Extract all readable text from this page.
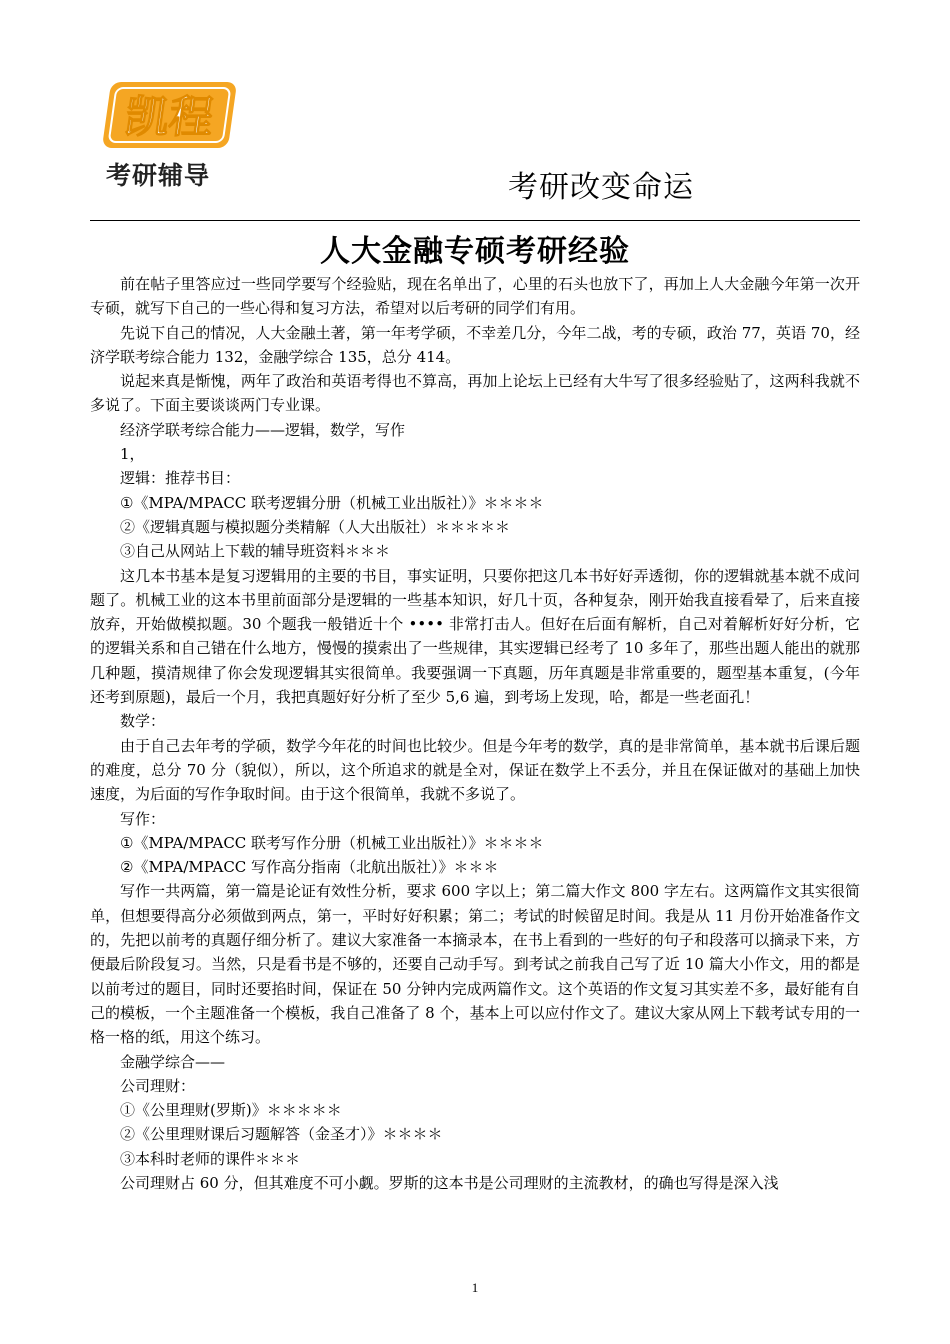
凯程
考研辅导	考研改变命运
人大金融专硕考研经验

前在帖子里答应过一些同学要写个经验贴，现在名单出了，心里的石头也放下了，再加上人大金融今年第一次开专硕，就写下自己的一些心得和复习方法，希望对以后考研的同学们有用。

先说下自己的情况，人大金融土著，第一年考学硕，不幸差几分，今年二战，考的专硕，政治 77，英语 70，经济学联考综合能力 132，金融学综合 135，总分 414。

说起来真是惭愧，两年了政治和英语考得也不算高，再加上论坛上已经有大牛写了很多经验贴了，这两科我就不多说了。下面主要谈谈两门专业课。

经济学联考综合能力——逻辑，数学，写作

1，

逻辑：推荐书目：

①《MPA/MPACC 联考逻辑分册（机械工业出版社）》＊＊＊＊

②《逻辑真题与模拟题分类精解（人大出版社）＊＊＊＊＊

③自己从网站上下载的辅导班资料＊＊＊

这几本书基本是复习逻辑用的主要的书目，事实证明，只要你把这几本书好好弄透彻，你的逻辑就基本就不成问题了。机械工业的这本书里前面部分是逻辑的一些基本知识，好几十页，各种复杂，刚开始我直接看晕了，后来直接放弃，开始做模拟题。30 个题我一般错近十个 •••• 非常打击人。但好在后面有解析，自己对着解析好好分析，它的逻辑关系和自己错在什么地方，慢慢的摸索出了一些规律，其实逻辑已经考了 10 多年了，那些出题人能出的就那几种题，摸清规律了你会发现逻辑其实很简单。我要强调一下真题，历年真题是非常重要的，题型基本重复，(今年还考到原题)，最后一个月，我把真题好好分析了至少 5,6 遍，到考场上发现，哈，都是一些老面孔！

数学：

由于自己去年考的学硕，数学今年花的时间也比较少。但是今年考的数学，真的是非常简单，基本就书后课后题的难度，总分 70 分（貌似），所以，这个所追求的就是全对，保证在数学上不丢分，并且在保证做对的基础上加快速度，为后面的写作争取时间。由于这个很简单，我就不多说了。

写作：

①《MPA/MPACC 联考写作分册（机械工业出版社）》＊＊＊＊

②《MPA/MPACC 写作高分指南（北航出版社）》＊＊＊

写作一共两篇，第一篇是论证有效性分析，要求 600 字以上；第二篇大作文 800 字左右。这两篇作文其实很简单，但想要得高分必须做到两点，第一，平时好好积累；第二；考试的时候留足时间。我是从 11 月份开始准备作文的，先把以前考的真题仔细分析了。建议大家准备一本摘录本，在书上看到的一些好的句子和段落可以摘录下来，方便最后阶段复习。当然，只是看书是不够的，还要自己动手写。到考试之前我自己写了近 10 篇大小作文，用的都是以前考过的题目，同时还要掐时间，保证在 50 分钟内完成两篇作文。这个英语的作文复习其实差不多，最好能有自己的模板，一个主题准备一个模板，我自己准备了 8 个，基本上可以应付作文了。建议大家从网上下载考试专用的一格一格的纸，用这个练习。

金融学综合——

公司理财：

①《公里理财(罗斯)》＊＊＊＊＊

②《公里理财课后习题解答（金圣才）》＊＊＊＊

③本科时老师的课件＊＊＊

公司理财占 60 分，但其难度不可小觑。罗斯的这本书是公司理财的主流教材，的确也写得是深入浅

1
